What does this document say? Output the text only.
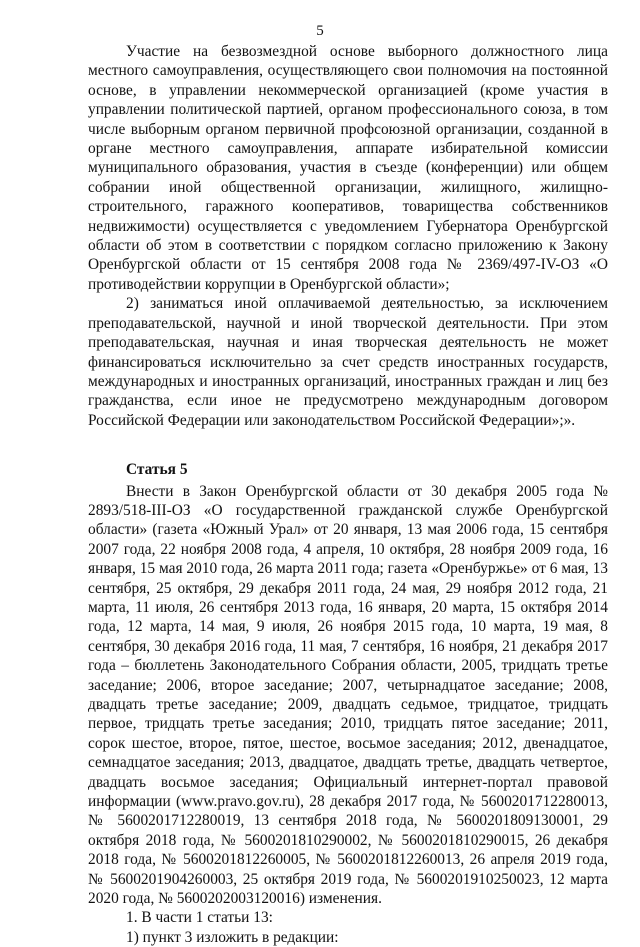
5

Участие на безвозмездной основе выборного должностного лица местного самоуправления, осуществляющего свои полномочия на постоянной основе, в управлении некоммерческой организацией (кроме участия в управлении политической партией, органом профессионального союза, в том числе выборным органом первичной профсоюзной организации, созданной в органе местного самоуправления, аппарате избирательной комиссии муниципального образования, участия в съезде (конференции) или общем собрании иной общественной организации, жилищного, жилищно-строительного, гаражного кооперативов, товарищества собственников недвижимости) осуществляется с уведомлением Губернатора Оренбургской области об этом в соответствии с порядком согласно приложению к Закону Оренбургской области от 15 сентября 2008 года № 2369/497-IV-ОЗ «О противодействии коррупции в Оренбургской области»;

2) заниматься иной оплачиваемой деятельностью, за исключением преподавательской, научной и иной творческой деятельности. При этом преподавательская, научная и иная творческая деятельность не может финансироваться исключительно за счет средств иностранных государств, международных и иностранных организаций, иностранных граждан и лиц без гражданства, если иное не предусмотрено международным договором Российской Федерации или законодательством Российской Федерации»;».

Статья 5

Внести в Закон Оренбургской области от 30 декабря 2005 года № 2893/518-III-ОЗ «О государственной гражданской службе Оренбургской области» (газета «Южный Урал» от 20 января, 13 мая 2006 года, 15 сентября 2007 года, 22 ноября 2008 года, 4 апреля, 10 октября, 28 ноября 2009 года, 16 января, 15 мая 2010 года, 26 марта 2011 года; газета «Оренбуржье» от 6 мая, 13 сентября, 25 октября, 29 декабря 2011 года, 24 мая, 29 ноября 2012 года, 21 марта, 11 июля, 26 сентября 2013 года, 16 января, 20 марта, 15 октября 2014 года, 12 марта, 14 мая, 9 июля, 26 ноября 2015 года, 10 марта, 19 мая, 8 сентября, 30 декабря 2016 года, 11 мая, 7 сентября, 16 ноября, 21 декабря 2017 года – бюллетень Законодательного Собрания области, 2005, тридцать третье заседание; 2006, второе заседание; 2007, четырнадцатое заседание; 2008, двадцать третье заседание; 2009, двадцать седьмое, тридцатое, тридцать первое, тридцать третье заседания; 2010, тридцать пятое заседание; 2011, сорок шестое, второе, пятое, шестое, восьмое заседания; 2012, двенадцатое, семнадцатое заседания; 2013, двадцатое, двадцать третье, двадцать четвертое, двадцать восьмое заседания; Официальный интернет-портал правовой информации (www.pravo.gov.ru), 28 декабря 2017 года, № 5600201712280013, № 5600201712280019, 13 сентября 2018 года, № 5600201809130001, 29 октября 2018 года, № 5600201810290002, № 5600201810290015, 26 декабря 2018 года, № 5600201812260005, № 5600201812260013, 26 апреля 2019 года, № 5600201904260003, 25 октября 2019 года, № 5600201910250023, 12 марта 2020 года, № 5600202003120016) изменения.

1. В части 1 статьи 13:
1) пункт 3 изложить в редакции:
